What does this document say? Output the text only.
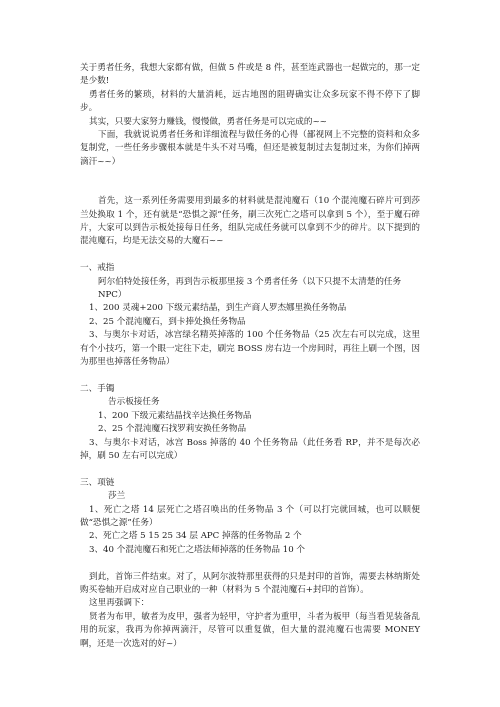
关于勇者任务，我想大家都有做，但做 5 件或是 8 件，甚至连武器也一起做完的，那一定是少数!

勇者任务的繁琐，材料的大量消耗，远古地图的阻碍确实让众多玩家不得不停下了脚步。

其实，只要大家努力赚钱，慢慢做，勇者任务是可以完成的~~

下面，我就说说勇者任务和详细流程与做任务的心得（鄙视网上不完整的资料和众多复制党，一些任务步骤根本就是牛头不对马嘴，但还是被复制过去复制过来，为你们掉两滴汗~~）

首先，这一系列任务需要用到最多的材料就是混沌魔石（10 个混沌魔石碎片可到莎兰处换取 1 个，还有就是“恐惧之源”任务，刷三次死亡之塔可以拿到 5 个），至于魔石碎片，大家可以到告示板处接每日任务，组队完成任务就可以拿到不少的碎片。以下提到的混沌魔石，均是无法交易的大魔石~~

一、戒指

阿尔伯特处接任务，再到告示板那里接 3 个勇者任务（以下只提不太清楚的任务 NPC）

1、200 灵魂+200 下级元素结晶，到生产商人罗杰娜里换任务物品

2、25 个混沌魔石，到卡捧处换任务物品

3、与奥尔卡对话，冰宫绿名精英掉落的 100 个任务物品（25 次左右可以完成，这里有个小技巧，第一个眼一定往下走，刷完 BOSS 房右边一个房间时，再往上刷一个图，因为那里也掉落任务物品）

二、手镯

告示板接任务

1、200 下级元素结晶找辛达换任务物品

2、25 个混沌魔石找罗莉安换任务物品

3、与奥尔卡对话，冰宫 Boss 掉落的 40 个任务物品（此任务看 RP，并不是每次必掉，刷 50 左右可以完成）

三、项链

莎兰

1、死亡之塔 14 层死亡之塔召唤出的任务物品 3 个（可以打完就回城，也可以顺便做“恐惧之源”任务）

2、死亡之塔 5 15 25 34 层 APC 掉落的任务物品 2 个

3、40 个混沌魔石和死亡之塔法师掉落的任务物品 10 个

到此，首饰三件结束。对了，从阿尔波特那里获得的只是封印的首饰，需要去林纳斯处购买卷轴开启成对应自己职业的一种（材料为 5 个混沌魔石+封印的首饰）。

这里再强调下：

贤者为布甲，敏者为皮甲，强者为轻甲，守护者为重甲，斗者为板甲（每当看见装备乱用的玩家，我再为你掉两滴汗，尽管可以重复做，但大量的混沌魔石也需要 MONEY 啊，还是一次选对的好~）
